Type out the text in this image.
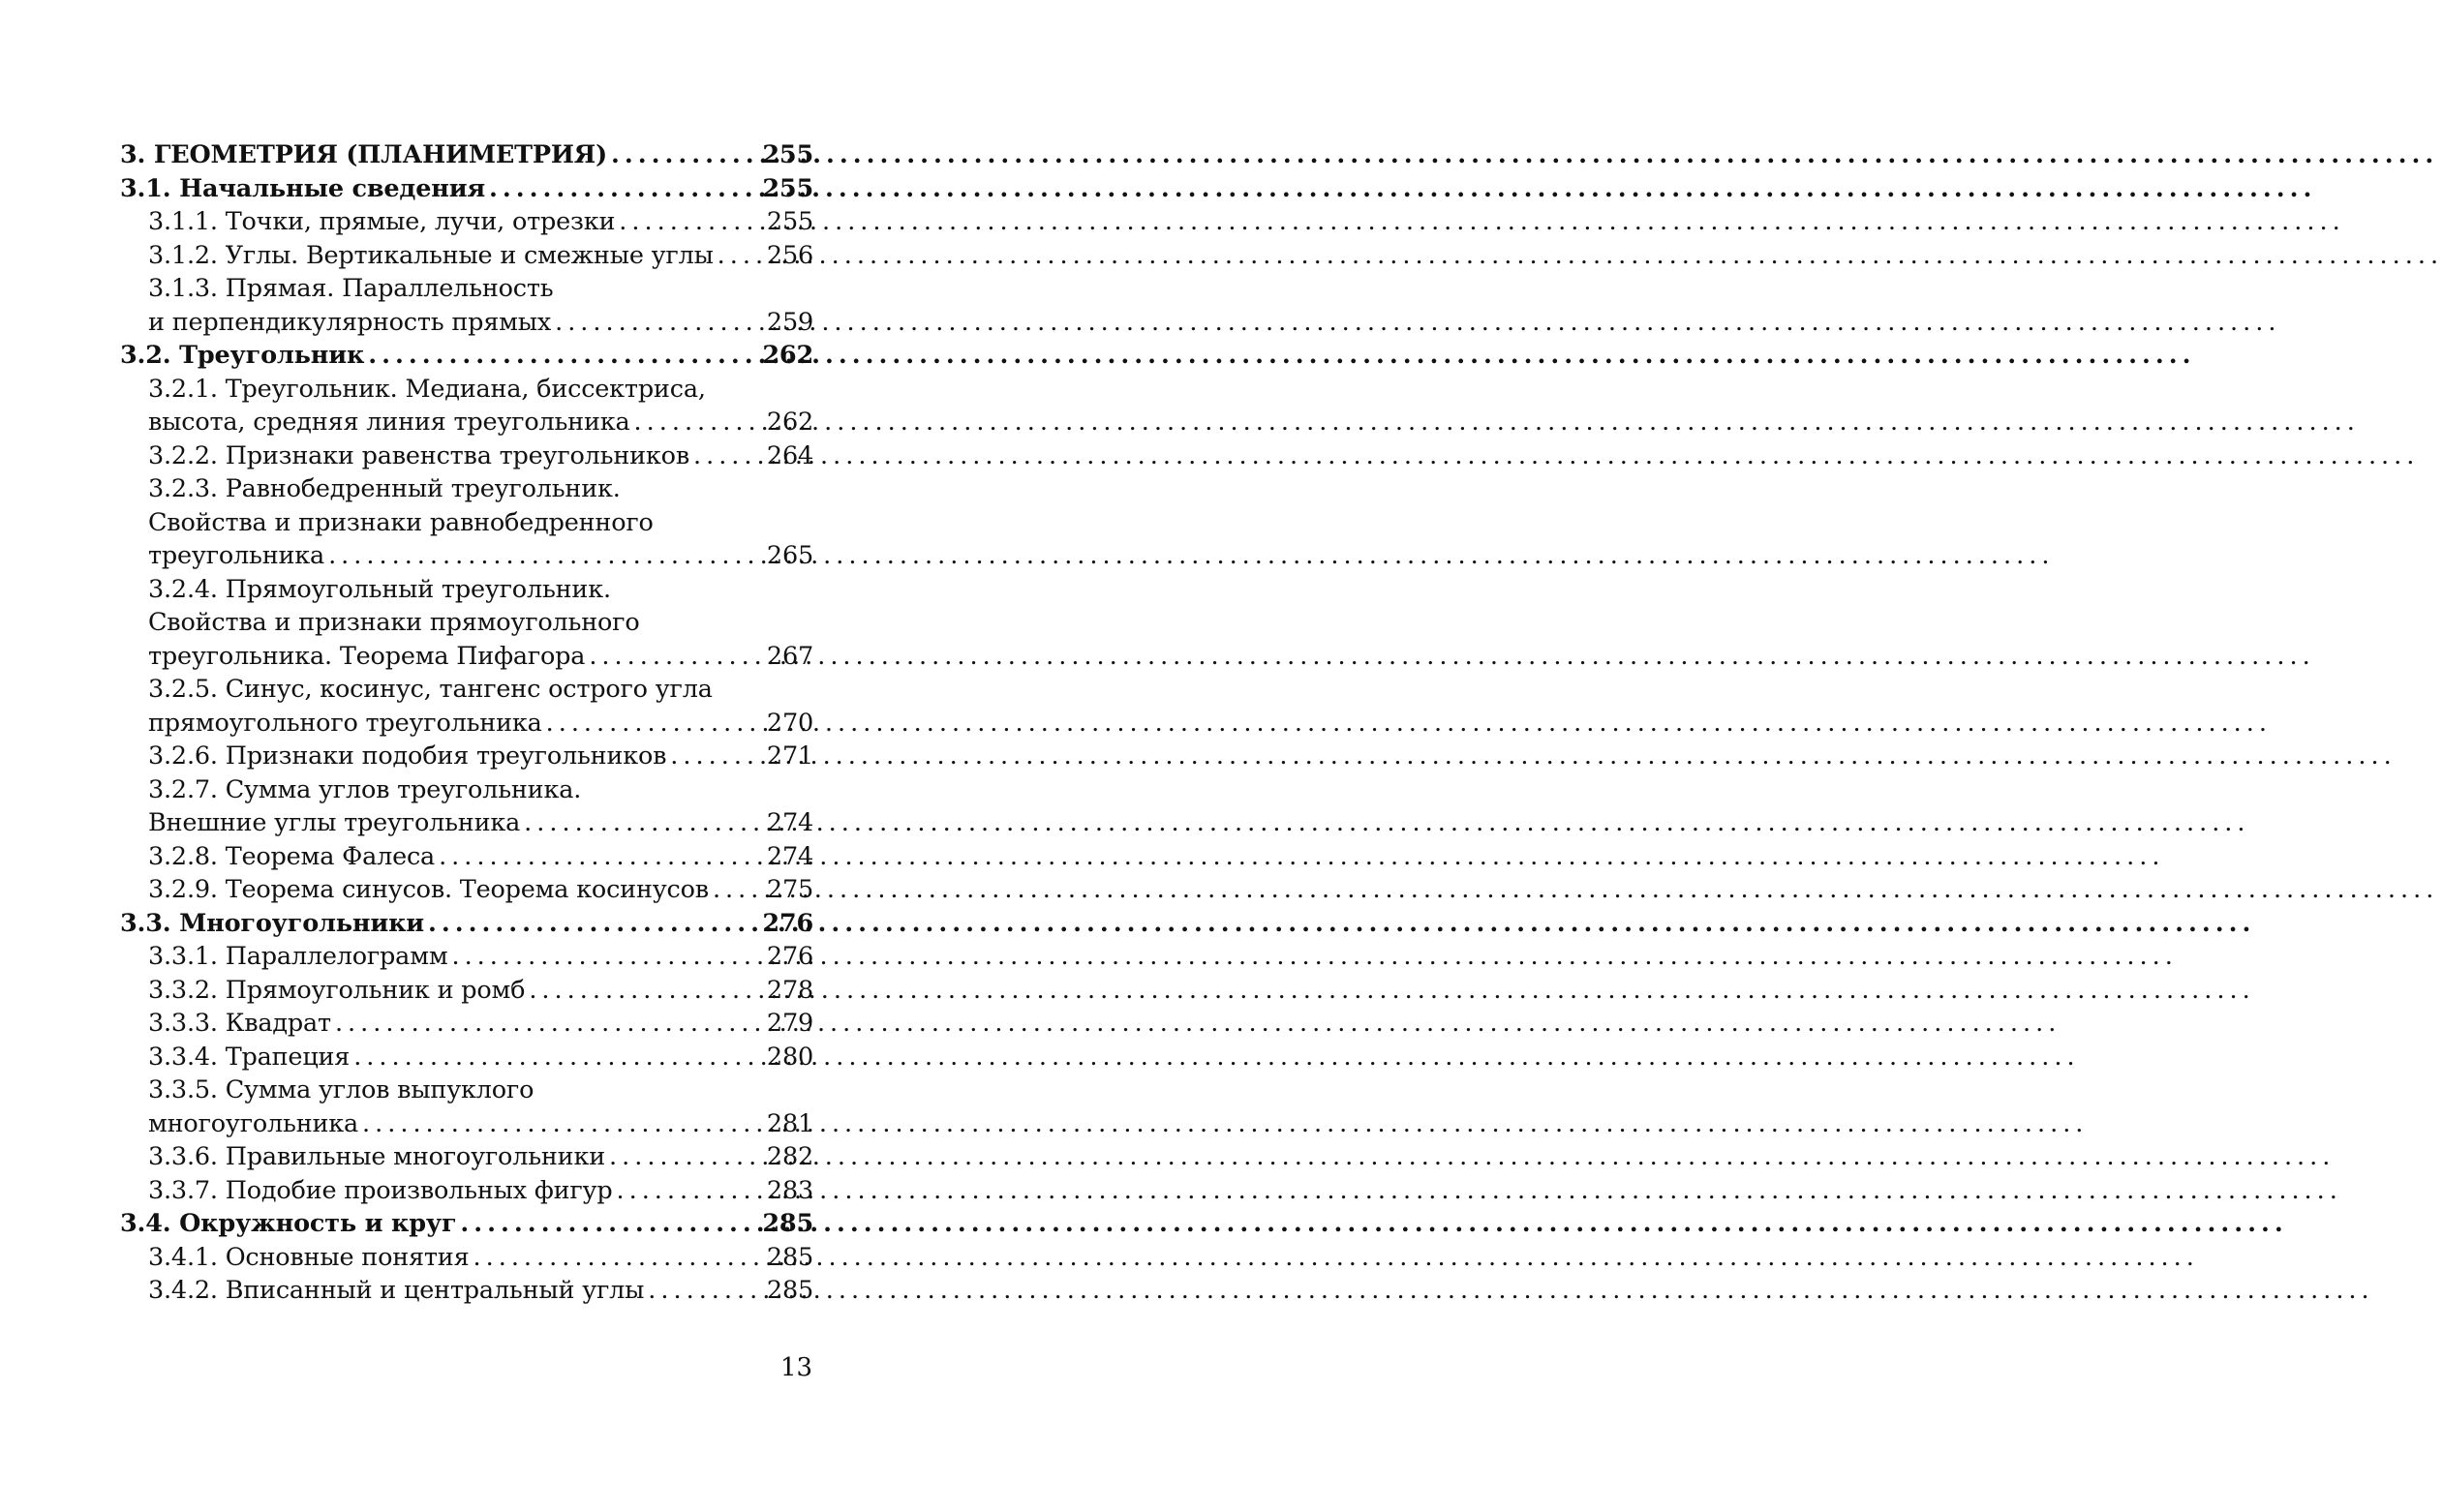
3. ГЕОМЕТРИЯ (ПЛАНИМЕТРИЯ) .....	255
3.1. Начальные сведения .....	255
3.1.1. Точки, прямые, лучи, отрезки .....	255
3.1.2. Углы. Вертикальные и смежные углы ..... 256
3.1.3. Прямая. Параллельность
и перпендикулярность прямых .....	259
3.2. Треугольник .....	262
3.2.1. Треугольник. Медиана, биссектриса,
высота, средняя линия треугольника .....	262
3.2.2. Признаки равенства треугольников .....	264
3.2.3. Равнобедренный треугольник.
Свойства и признаки равнобедренного
треугольника .....	265
3.2.4. Прямоугольный треугольник.
Свойства и признаки прямоугольного
треугольника. Теорема Пифагора .....	267
3.2.5. Синус, косинус, тангенс острого угла
прямоугольного треугольника .....	270
3.2.6. Признаки подобия треугольников .....	271
3.2.7. Сумма углов треугольника.
Внешние углы треугольника .....	274
3.2.8. Теорема Фалеса .....	274
3.2.9. Теорема синусов. Теорема косинусов ..... 275
3.3. Многоугольники .....	276
3.3.1. Параллелограмм .....	276
3.3.2. Прямоугольник и ромб .....	278
3.3.3. Квадрат .....	279
3.3.4. Трапеция .....	280
3.3.5. Сумма углов выпуклого
многоугольника .....	281
3.3.6. Правильные многоугольники .....	282
3.3.7. Подобие произвольных фигур .....	283
3.4. Окружность и круг .....	285
3.4.1. Основные понятия .....	285
3.4.2. Вписанный и центральный углы .....	285
13
